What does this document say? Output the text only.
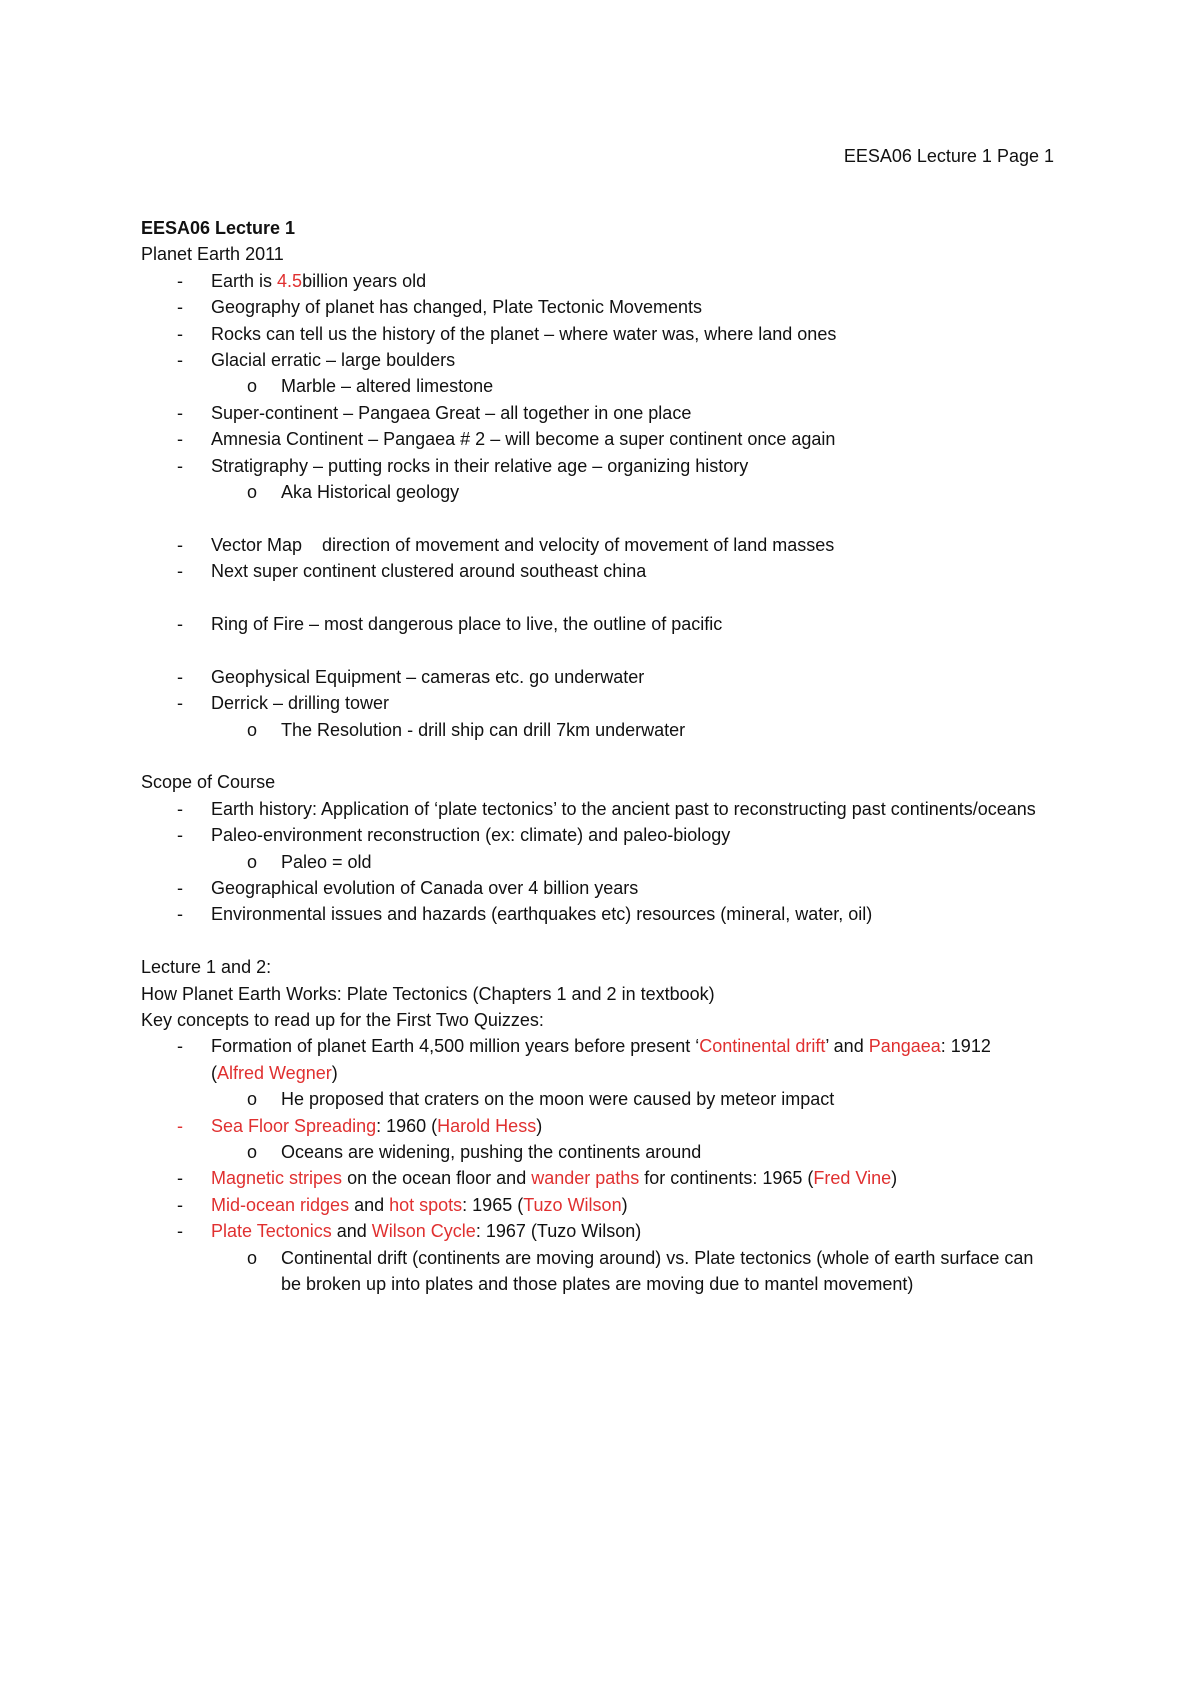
EESA06 Lecture 1 Page 1
EESA06 Lecture 1
Planet Earth 2011
- Earth is 4.5billion years old
- Geography of planet has changed, Plate Tectonic Movements
- Rocks can tell us the history of the planet – where water was, where land ones
- Glacial erratic – large boulders
o Marble – altered limestone
- Super-continent – Pangaea Great – all together in one place
- Amnesia Continent – Pangaea # 2 – will become a super continent once again
- Stratigraphy – putting rocks in their relative age – organizing history
o Aka Historical geology
- Vector Map    direction of movement and velocity of movement of land masses
- Next super continent clustered around southeast china
- Ring of Fire – most dangerous place to live, the outline of pacific
- Geophysical Equipment – cameras etc. go underwater
- Derrick – drilling tower
o The Resolution - drill ship can drill 7km underwater
Scope of Course
- Earth history: Application of ‘plate tectonics’ to the ancient past to reconstructing past continents/oceans
- Paleo-environment reconstruction (ex: climate) and paleo-biology
o Paleo = old
- Geographical evolution of Canada over 4 billion years
- Environmental issues and hazards (earthquakes etc) resources (mineral, water, oil)
Lecture 1 and 2:
How Planet Earth Works: Plate Tectonics (Chapters 1 and 2 in textbook)
Key concepts to read up for the First Two Quizzes:
- Formation of planet Earth 4,500 million years before present ‘Continental drift’ and Pangaea: 1912 (Alfred Wegner)
o He proposed that craters on the moon were caused by meteor impact
- Sea Floor Spreading: 1960 (Harold Hess)
o Oceans are widening, pushing the continents around
- Magnetic stripes on the ocean floor and wander paths for continents: 1965 (Fred Vine)
- Mid-ocean ridges and hot spots: 1965 (Tuzo Wilson)
- Plate Tectonics and Wilson Cycle: 1967 (Tuzo Wilson)
o Continental drift (continents are moving around) vs. Plate tectonics (whole of earth surface can be broken up into plates and those plates are moving due to mantel movement)
